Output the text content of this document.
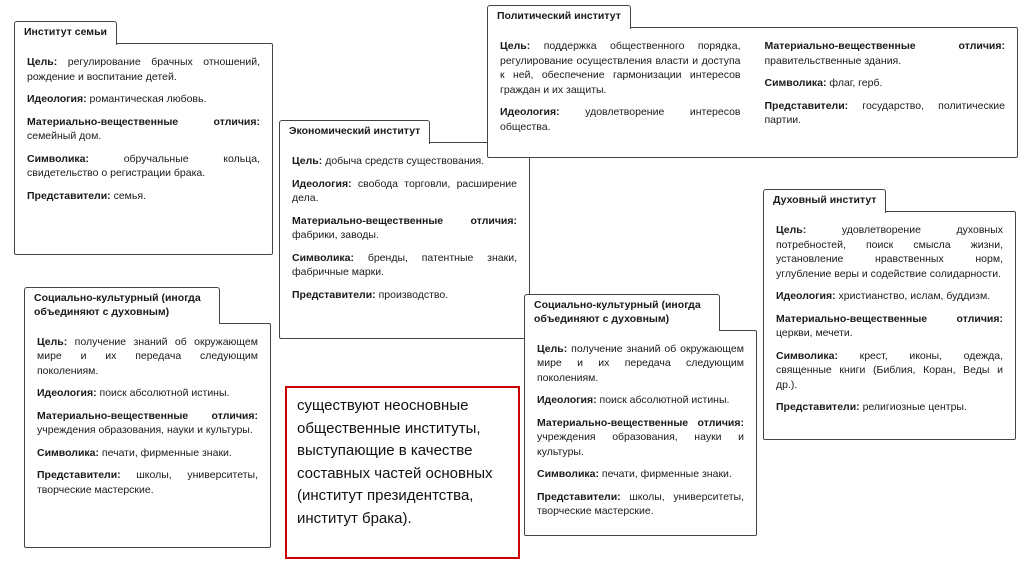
Институт семьи

Цель: регулирование брачных отношений, рождение и воспитание детей.

Идеология: романтическая любовь.

Материально-вещественные отличия: семейный дом.

Символика:	обручальные кольца, свидетельство о регистрации брака.

Представители: семья.

Экономический институт

Цель: добыча средств существования.

Идеология: свобода торговли, расширение дела.

Материально-вещественные отличия: фабрики, заводы.

Символика: бренды, патентные знаки, фабричные марки.

Представители: производство.

Политический институт

Цель: поддержка общественного порядка, регулирование осуществления власти и доступа к ней, обеспечение гармонизации интересов граждан и их защиты.

Идеология: удовлетворение интересов общества.

Материально-вещественные отличия: правительственные здания.

Символика: флаг, герб.

Представители: государство, политические партии.

Духовный институт

Цель:	удовлетворение духовных потребностей, поиск смысла жизни, установление нравственных норм, углубление веры и содействие солидарности.

Идеология: христианство, ислам, буддизм.

Материально-вещественные отличия: церкви, мечети.

Символика: крест, иконы, одежда, священные книги (Библия, Коран, Веды и др.).

Представители: религиозные центры.

Социально-культурный (иногда объединяют с духовным)

Цель: получение знаний об окружающем мире и их передача следующим поколениям.

Идеология: поиск абсолютной истины.

Материально-вещественные отличия: учреждения образования, науки и культуры.

Символика: печати, фирменные знаки.

Представители: школы, университеты, творческие мастерские.

Социально-культурный (иногда объединяют с духовным)

Цель: получение знаний об окружающем мире и их передача следующим поколениям.

Идеология: поиск абсолютной истины.

Материально-вещественные отличия: учреждения образования, науки и культуры.

Символика: печати, фирменные знаки.

Представители: школы, университеты, творческие мастерские.

существуют неосновные общественные институты, выступающие в качестве составных частей основных (институт президентства, институт брака).
